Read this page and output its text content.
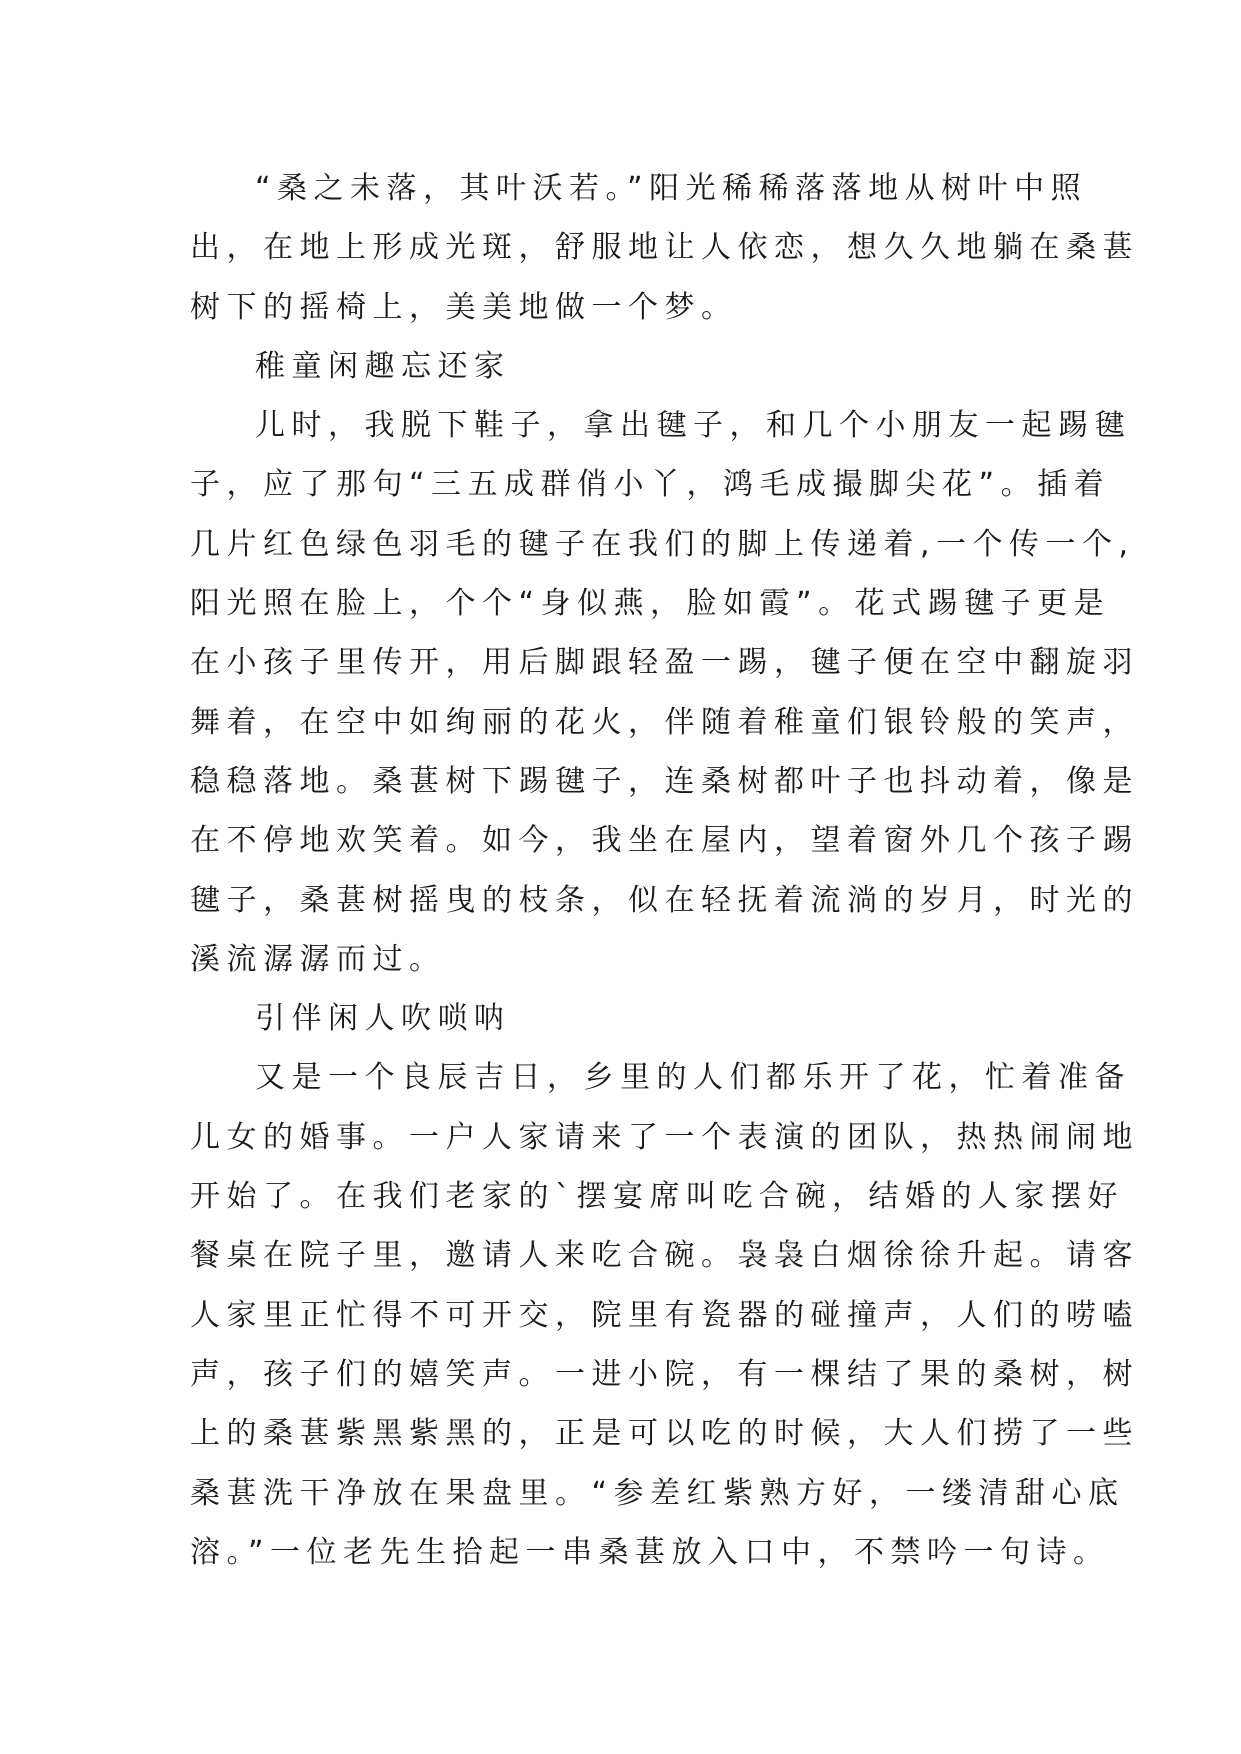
“桑之未落，其叶沃若。”阳光稀稀落落地从树叶中照
出，在地上形成光斑，舒服地让人依恋，想久久地躺在桑葚
树下的摇椅上，美美地做一个梦。
稚童闲趣忘还家
儿时，我脱下鞋子，拿出毽子，和几个小朋友一起踢毽
子，应了那句“三五成群俏小丫，鸿毛成撮脚尖花”。插着
几片红色绿色羽毛的毽子在我们的脚上传递着,一个传一个,
阳光照在脸上，个个“身似燕，脸如霞”。花式踢毽子更是
在小孩子里传开，用后脚跟轻盈一踢，毽子便在空中翻旋羽
舞着，在空中如绚丽的花火，伴随着稚童们银铃般的笑声，
稳稳落地。桑葚树下踢毽子，连桑树都叶子也抖动着，像是
在不停地欢笑着。如今，我坐在屋内，望着窗外几个孩子踢
毽子，桑葚树摇曳的枝条，似在轻抚着流淌的岁月，时光的
溪流潺潺而过。
引伴闲人吹唢呐
又是一个良辰吉日，乡里的人们都乐开了花，忙着准备
儿女的婚事。一户人家请来了一个表演的团队，热热闹闹地
开始了。在我们老家的`摆宴席叫吃合碗，结婚的人家摆好
餐桌在院子里，邀请人来吃合碗。袅袅白烟徐徐升起。请客
人家里正忙得不可开交，院里有瓷器的碰撞声，人们的唠嗑
声，孩子们的嬉笑声。一进小院，有一棵结了果的桑树，树
上的桑葚紫黑紫黑的，正是可以吃的时候，大人们捞了一些
桑葚洗干净放在果盘里。“参差红紫熟方好，一缕清甜心底
溶。”一位老先生拾起一串桑葚放入口中，不禁吟一句诗。
